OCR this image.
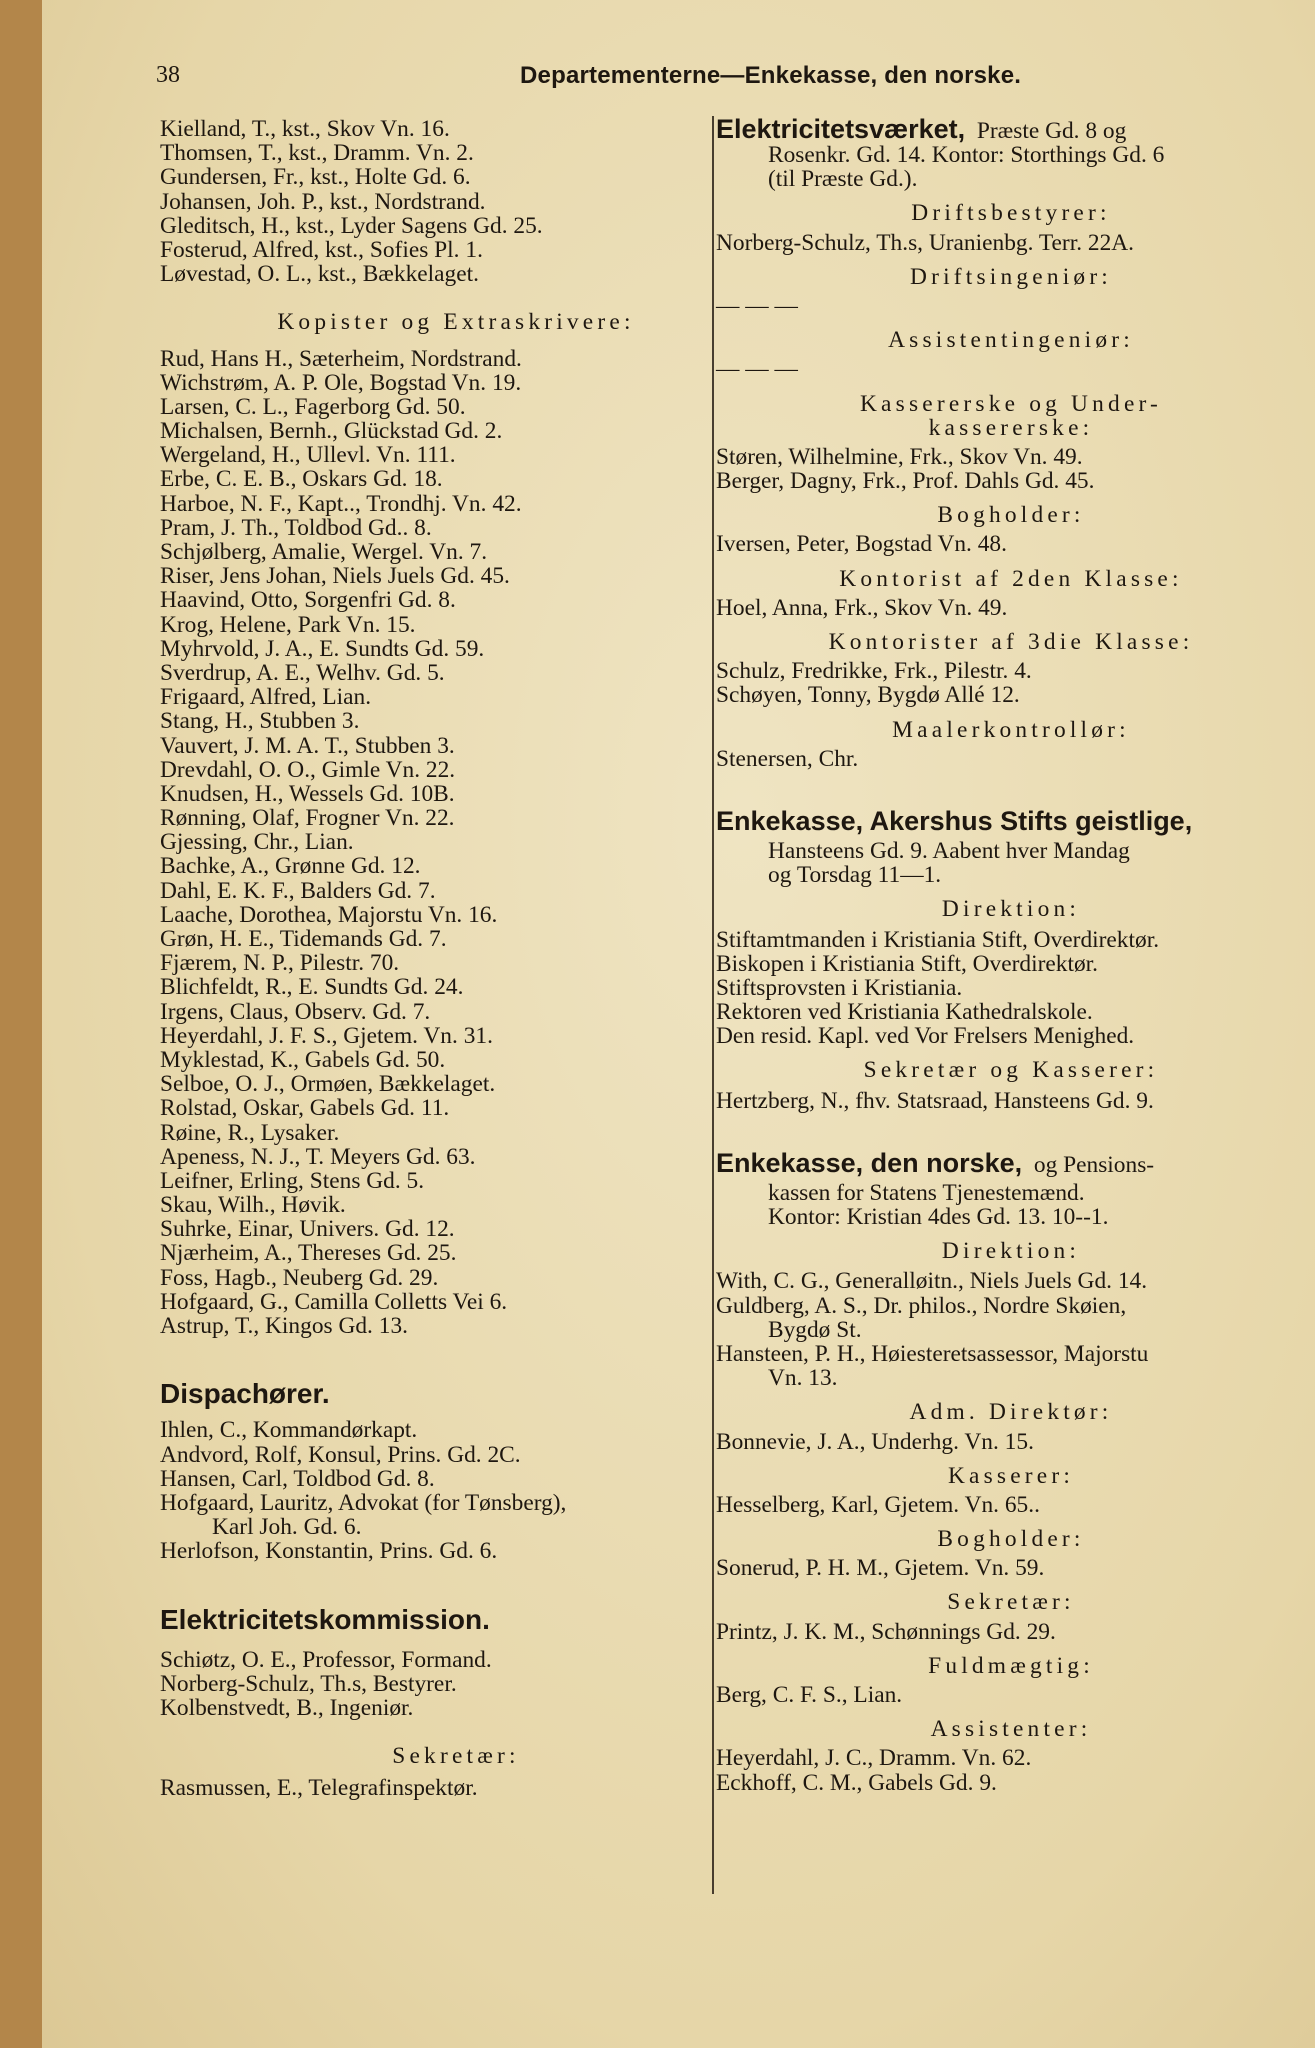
38	Departementerne—Enkekasse, den norske.
Kielland, T., kst., Skov Vn. 16.
Thomsen, T., kst., Dramm. Vn. 2.
Gundersen, Fr., kst., Holte Gd. 6.
Johansen, Joh. P., kst., Nordstrand.
Gleditsch, H., kst., Lyder Sagens Gd. 25.
Fosterud, Alfred, kst., Sofies Pl. 1.
Løvestad, O. L., kst., Bækkelaget.
Kopister og Extraskrivere:
Rud, Hans H., Sæterheim, Nordstrand.
Wichstrøm, A. P. Ole, Bogstad Vn. 19.
Larsen, C. L., Fagerborg Gd. 50.
Michalsen, Bernh., Glückstad Gd. 2.
Wergeland, H., Ullevl. Vn. 111.
Erbe, C. E. B., Oskars Gd. 18.
Harboe, N. F., Kapt.., Trondhj. Vn. 42.
Pram, J. Th., Toldbod Gd.. 8.
Schjølberg, Amalie, Wergel. Vn. 7.
Riser, Jens Johan, Niels Juels Gd. 45.
Haavind, Otto, Sorgenfri Gd. 8.
Krog, Helene, Park Vn. 15.
Myhrvold, J. A., E. Sundts Gd. 59.
Sverdrup, A. E., Welhv. Gd. 5.
Frigaard, Alfred, Lian.
Stang, H., Stubben 3.
Vauvert, J. M. A. T., Stubben 3.
Drevdahl, O. O., Gimle Vn. 22.
Knudsen, H., Wessels Gd. 10B.
Rønning, Olaf, Frogner Vn. 22.
Gjessing, Chr., Lian.
Bachke, A., Grønne Gd. 12.
Dahl, E. K. F., Balders Gd. 7.
Laache, Dorothea, Majorstu Vn. 16.
Grøn, H. E., Tidemands Gd. 7.
Fjærem, N. P., Pilestr. 70.
Blichfeldt, R., E. Sundts Gd. 24.
Irgens, Claus, Observ. Gd. 7.
Heyerdahl, J. F. S., Gjetem. Vn. 31.
Myklestad, K., Gabels Gd. 50.
Selboe, O. J., Ormøen, Bækkelaget.
Rolstad, Oskar, Gabels Gd. 11.
Røine, R., Lysaker.
Apeness, N. J., T. Meyers Gd. 63.
Leifner, Erling, Stens Gd. 5.
Skau, Wilh., Høvik.
Suhrke, Einar, Univers. Gd. 12.
Njærheim, A., Thereses Gd. 25.
Foss, Hagb., Neuberg Gd. 29.
Hofgaard, G., Camilla Colletts Vei 6.
Astrup, T., Kingos Gd. 13.
Dispachører.
Ihlen, C., Kommandørkapt.
Andvord, Rolf, Konsul, Prins. Gd. 2C.
Hansen, Carl, Toldbod Gd. 8.
Hofgaard, Lauritz, Advokat (for Tønsberg),
Karl Joh. Gd. 6.
Herlofson, Konstantin, Prins. Gd. 6.
Elektricitetskommission.
Schiøtz, O. E., Professor, Formand.
Norberg-Schulz, Th.s, Bestyrer.
Kolbenstvedt, B., Ingeniør.
Sekretær:
Rasmussen, E., Telegrafinspektør.
Elektricitetsværket, Præste Gd. 8 og
Rosenkr. Gd. 14. Kontor: Storthings Gd. 6
(til Præste Gd.).
Driftsbestyrer:
Norberg-Schulz, Th.s, Uranienbg. Terr. 22A.
Driftsingeniør:
— — —
Assistentingeniør:
— — —
Kassererske og Under-
kassererske:
Støren, Wilhelmine, Frk., Skov Vn. 49.
Berger, Dagny, Frk., Prof. Dahls Gd. 45.
Bogholder:
Iversen, Peter, Bogstad Vn. 48.
Kontorist af 2den Klasse:
Hoel, Anna, Frk., Skov Vn. 49.
Kontorister af 3die Klasse:
Schulz, Fredrikke, Frk., Pilestr. 4.
Schøyen, Tonny, Bygdø Allé 12.
Maalerkontrollør:
Stenersen, Chr.
Enkekasse, Akershus Stifts geistlige,
Hansteens Gd. 9. Aabent hver Mandag
og Torsdag 11—1.
Direktion:
Stiftamtmanden i Kristiania Stift, Overdirektør.
Biskopen i Kristiania Stift, Overdirektør.
Stiftsprovsten i Kristiania.
Rektoren ved Kristiania Kathedralskole.
Den resid. Kapl. ved Vor Frelsers Menighed.
Sekretær og Kasserer:
Hertzberg, N., fhv. Statsraad, Hansteens Gd. 9.
Enkekasse, den norske, og Pensions-
kassen for Statens Tjenestemænd.
Kontor: Kristian 4des Gd. 13. 10--1.
Direktion:
With, C. G., Generalløitn., Niels Juels Gd. 14.
Guldberg, A. S., Dr. philos., Nordre Skøien,
Bygdø St.
Hansteen, P. H., Høiesteretsassessor, Majorstu
Vn. 13.
Adm. Direktør:
Bonnevie, J. A., Underhg. Vn. 15.
Kasserer:
Hesselberg, Karl, Gjetem. Vn. 65..
Bogholder:
Sonerud, P. H. M., Gjetem. Vn. 59.
Sekretær:
Printz, J. K. M., Schønnings Gd. 29.
Fuldmægtig:
Berg, C. F. S., Lian.
Assistenter:
Heyerdahl, J. C., Dramm. Vn. 62.
Eckhoff, C. M., Gabels Gd. 9.
